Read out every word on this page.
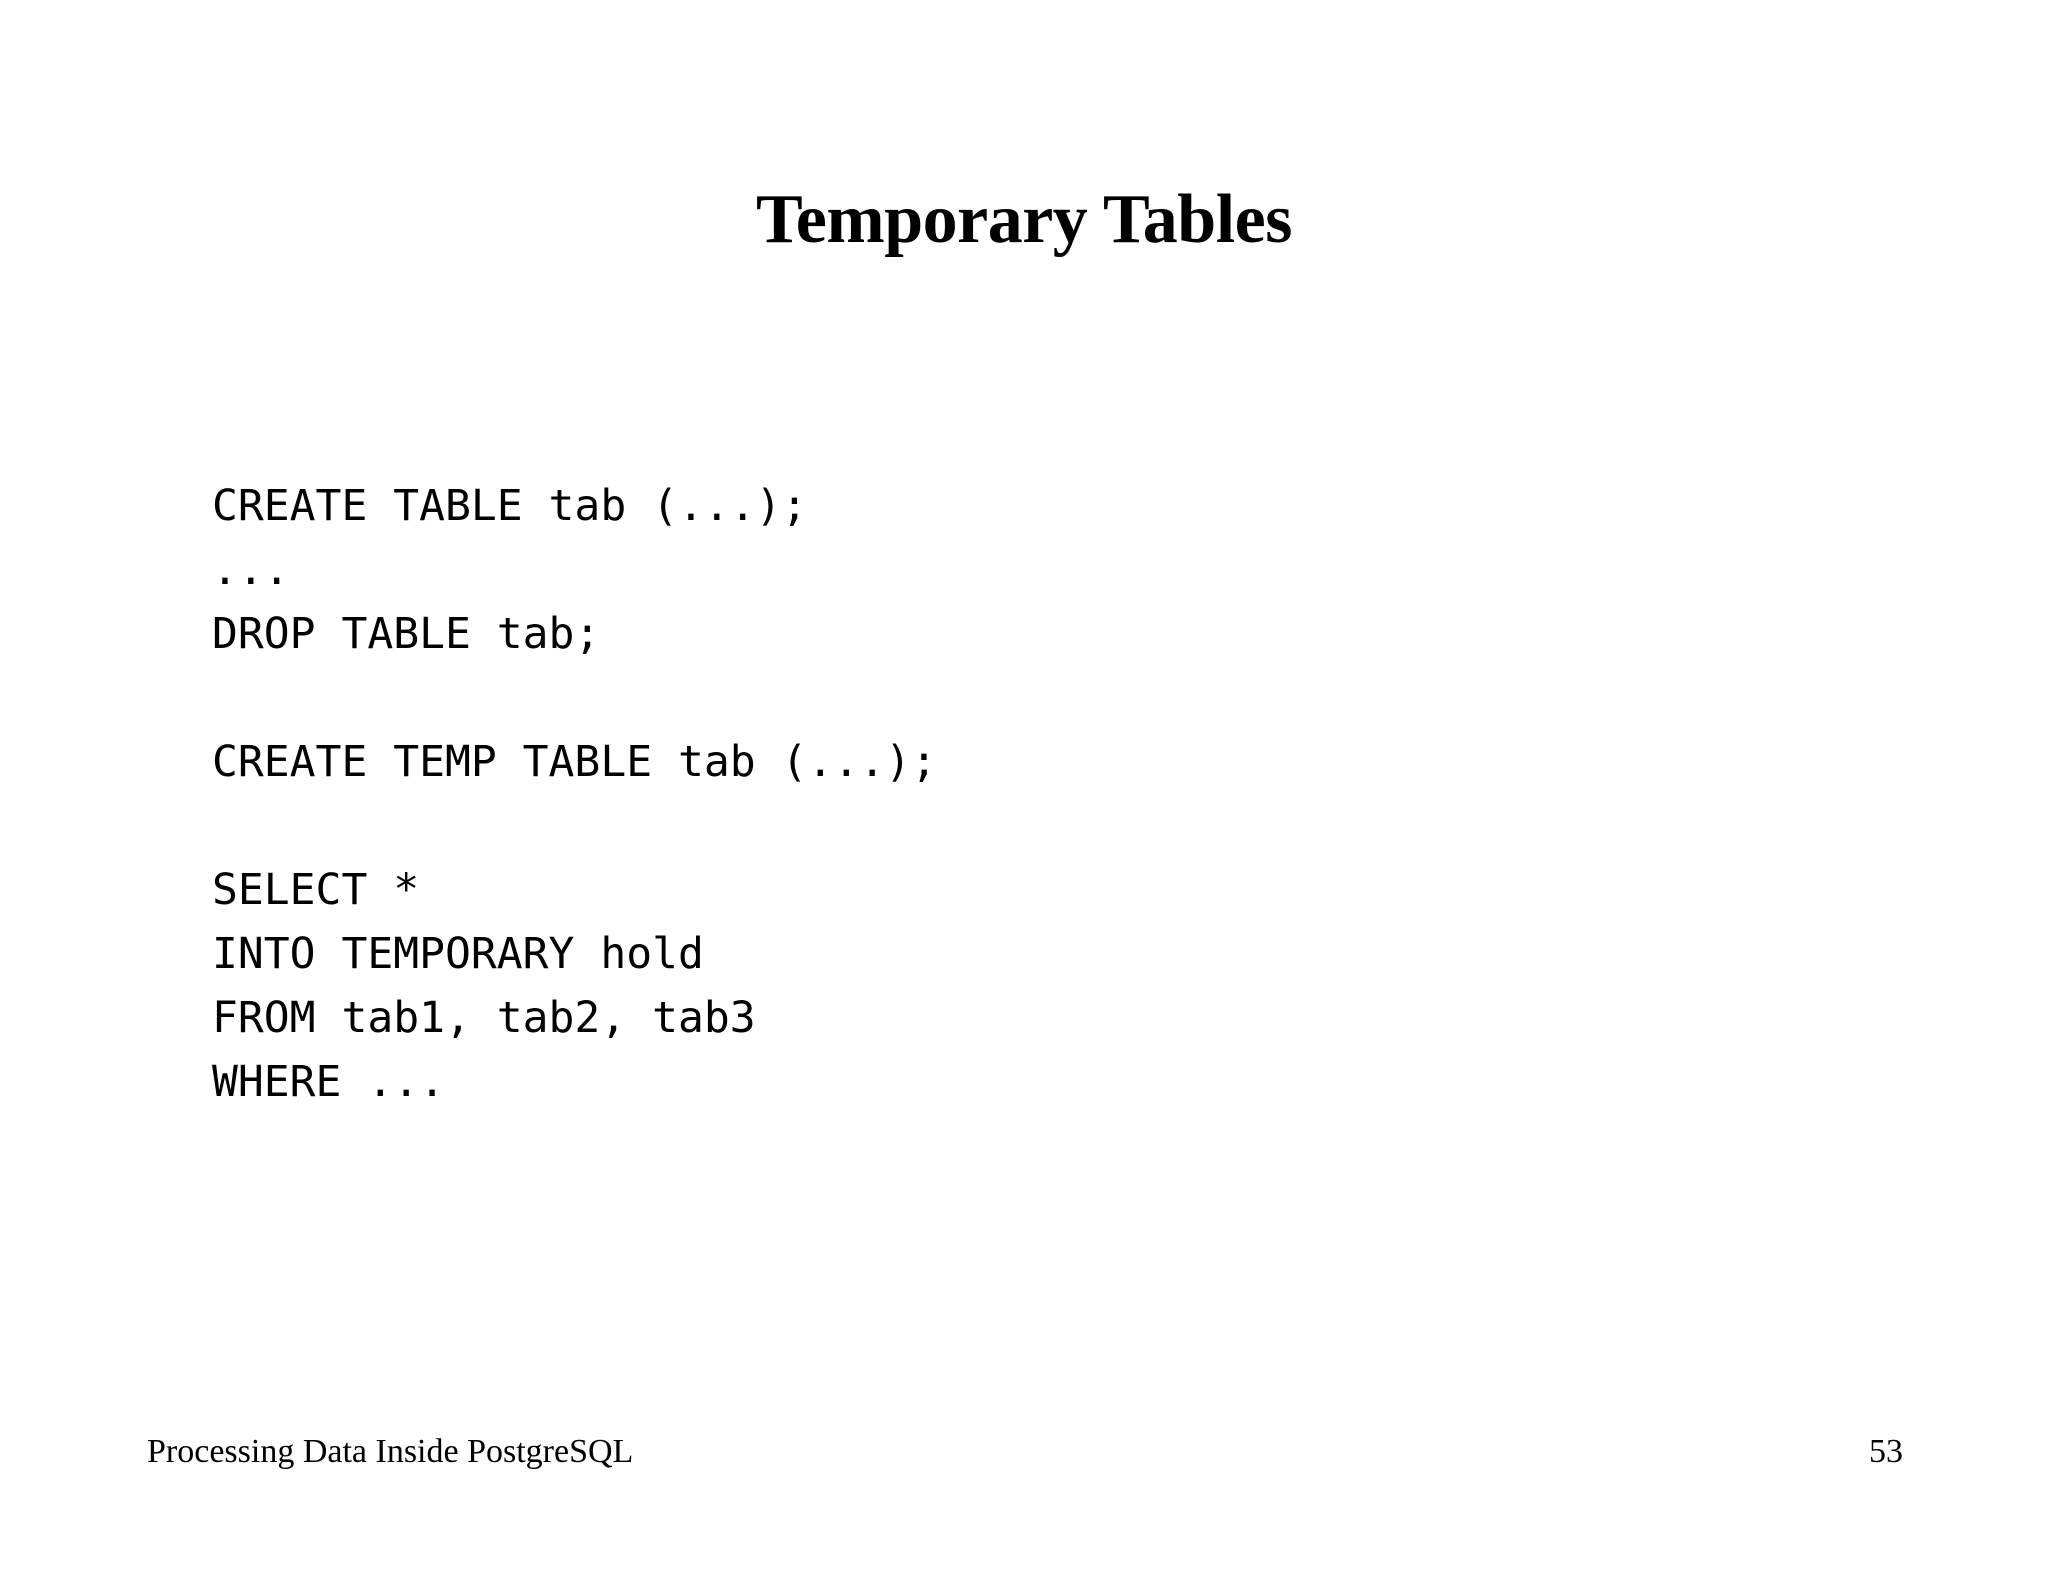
Temporary Tables
CREATE TABLE tab (...);
...
DROP TABLE tab;
CREATE TEMP TABLE tab (...);
SELECT *
INTO TEMPORARY hold
FROM tab1, tab2, tab3
WHERE ...
Processing Data Inside PostgreSQL	53
